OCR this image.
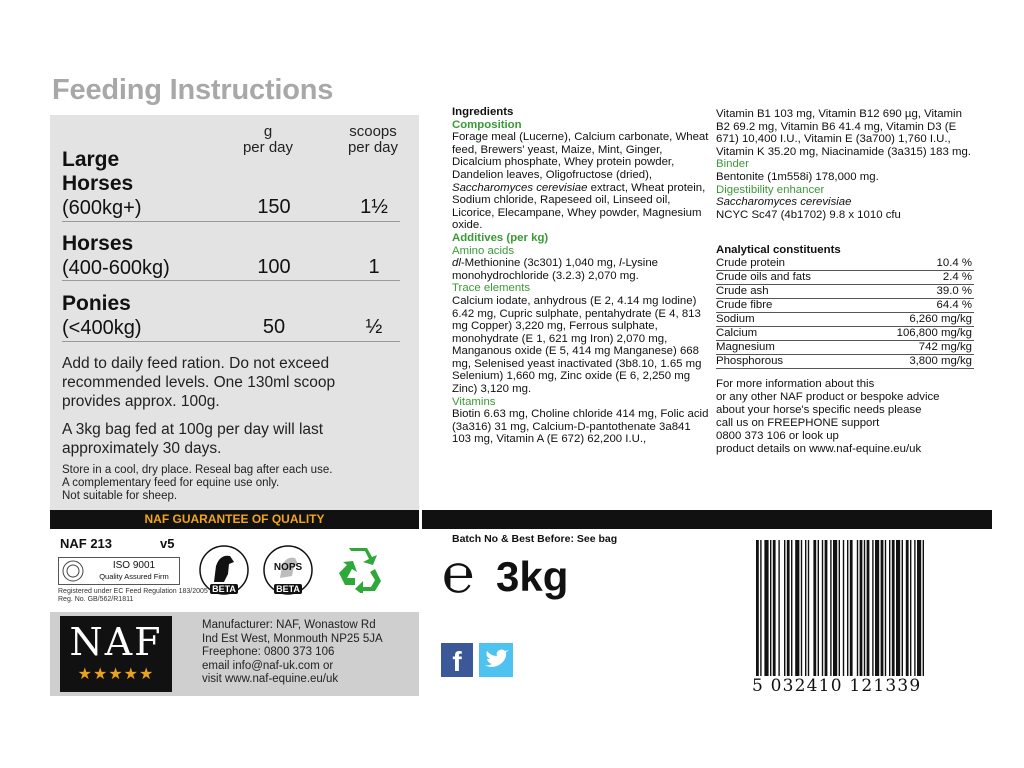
Feeding Instructions
g
per day
scoops
per day
Large
Horses
(600kg+)	150	1½
Horses
(400-600kg)	100	1
Ponies
(<400kg)	50	½
Add to daily feed ration. Do not exceed recommended levels. One 130ml scoop provides approx. 100g.
A 3kg bag fed at 100g per day will last approximately 30 days.
Store in a cool, dry place. Reseal bag after each use.
A complementary feed for equine use only.
Not suitable for sheep.
NAF GUARANTEE OF QUALITY
NAF 213	v5
ISO 9001
Quality Assured Firm
Registered under EC Feed Regulation 183/2005
Reg. No. GB/562/R1811
BETA
NOPS
BETA
NAF
★★★★★
Manufacturer: NAF, Wonastow Rd
Ind Est West, Monmouth NP25 5JA
Freephone: 0800 373 106
email info@naf-uk.com or
visit www.naf-equine.eu/uk

Ingredients

Composition

Forage meal (Lucerne), Calcium carbonate, Wheat feed, Brewers' yeast, Maize, Mint, Ginger, Dicalcium phosphate, Whey protein powder, Dandelion leaves, Oligofructose (dried), Saccharomyces cerevisiae extract, Wheat protein, Sodium chloride, Rapeseed oil, Linseed oil, Licorice, Elecampane, Whey powder, Magnesium oxide.

Additives (per kg)

Amino acids

dl-Methionine (3c301) 1,040 mg, l-Lysine monohydrochloride (3.2.3) 2,070 mg.

Trace elements

Calcium iodate, anhydrous (E 2, 4.14 mg Iodine) 6.42 mg, Cupric sulphate, pentahydrate (E 4, 813 mg Copper) 3,220 mg, Ferrous sulphate, monohydrate (E 1, 621 mg Iron) 2,070 mg, Manganous oxide (E 5, 414 mg Manganese) 668 mg, Selenised yeast inactivated (3b8.10, 1.65 mg Selenium) 1,660 mg, Zinc oxide (E 6, 2,250 mg Zinc) 3,120 mg.

Vitamins

Biotin 6.63 mg, Choline chloride 414 mg, Folic acid (3a316) 31 mg, Calcium-D-pantothenate 3a841 103 mg, Vitamin A (E 672) 62,200 I.U.,

Vitamin B1 103 mg, Vitamin B12 690 µg, Vitamin B2 69.2 mg, Vitamin B6 41.4 mg, Vitamin D3 (E 671) 10,400 I.U., Vitamin E (3a700) 1,760 I.U., Vitamin K 35.20 mg, Niacinamide (3a315) 183 mg.

Binder

Bentonite (1m558i) 178,000 mg.

Digestibility enhancer

Saccharomyces cerevisiae

NCYC Sc47 (4b1702) 9.8 x 1010 cfu

Analytical constituents
Crude protein	10.4 %
Crude oils and fats	2.4 %
Crude ash	39.0 %
Crude fibre	64.4 %
Sodium	6,260 mg/kg
Calcium	106,800 mg/kg
Magnesium	742 mg/kg
Phosphorous	3,800 mg/kg
For more information about this
or any other NAF product or bespoke advice
about your horse's specific needs please
call us on FREEPHONE support
0800 373 106 or look up
product details on www.naf-equine.eu/uk
Batch No & Best Before: See bag
℮ 3kg
f
5 032410 121339
